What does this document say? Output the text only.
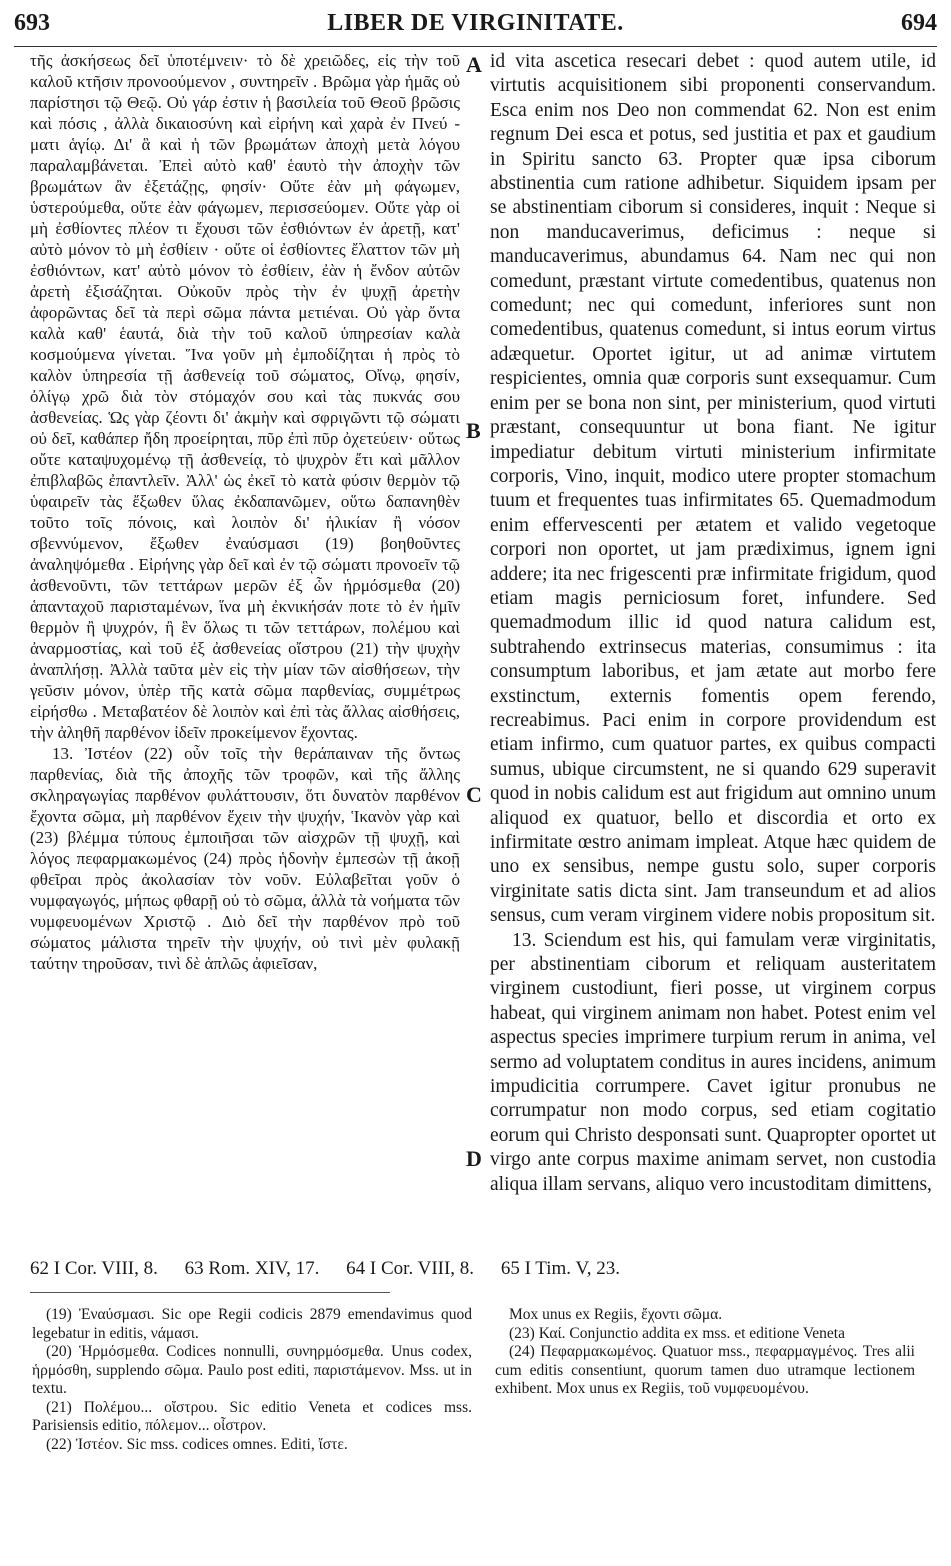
693	LIBER DE VIRGINITATE.	694

τῆς ἀσκήσεως δεῖ ὑποτέμνειν· τὸ δὲ χρειῶδες, εἰς τὴν τοῦ καλοῦ κτῆσιν προνοούμενον , συντηρεῖν . Βρῶμα γὰρ ἡμᾶς οὐ παρίστησι τῷ Θεῷ. Οὐ γάρ ἐστιν ἡ βασιλεία τοῦ Θεοῦ βρῶσις καὶ πόσις , ἀλλὰ δικαιοσύνη καὶ εἰρήνη καὶ χαρὰ ἐν Πνεύ - ματι ἁγίῳ. Δι' ἃ καὶ ἡ τῶν βρωμάτων ἀποχὴ μετὰ λόγου παραλαμβάνεται. Ἐπεὶ αὐτὸ καθ' ἑαυτὸ τὴν ἀποχὴν τῶν βρωμάτων ἂν ἐξετάζῃς, φησίν· Οὔτε ἐὰν μὴ φάγωμεν, ὑστερούμεθα, οὔτε ἐὰν φάγωμεν, περισσεύομεν. Οὔτε γὰρ οἱ μὴ ἐσθίοντες πλέον τι ἔχουσι τῶν ἐσθιόντων ἐν ἀρετῇ, κατ' αὐτὸ μόνον τὸ μὴ ἐσθίειν · οὔτε οἱ ἐσθίοντες ἔλαττον τῶν μὴ ἐσθιόντων, κατ' αὐτὸ μόνον τὸ ἐσθίειν, ἐὰν ἡ ἔνδον αὐτῶν ἀρετὴ ἐξισάζηται. Οὐκοῦν πρὸς τὴν ἐν ψυχῇ ἀρετὴν ἀφορῶντας δεῖ τὰ περὶ σῶμα πάντα μετιέναι. Οὐ γὰρ ὄντα καλὰ καθ' ἑαυτά, διὰ τὴν τοῦ καλοῦ ὑπηρεσίαν καλὰ κοσμούμενα γίνεται. Ἵνα γοῦν μὴ ἐμποδίζηται ἡ πρὸς τὸ καλὸν ὑπηρεσία τῇ ἀσθενείᾳ τοῦ σώματος, Οἴνῳ, φησίν, ὀλίγῳ χρῶ διὰ τὸν στόμαχόν σου καὶ τὰς πυκνάς σου ἀσθενείας. Ὡς γὰρ ζέοντι δι' ἀκμὴν καὶ σφριγῶντι τῷ σώματι οὐ δεῖ, καθάπερ ἤδη προείρηται, πῦρ ἐπὶ πῦρ ὀχετεύειν· οὕτως οὔτε καταψυχομένῳ τῇ ἀσθενείᾳ, τὸ ψυχρὸν ἔτι καὶ μᾶλλον ἐπιβλαβῶς ἐπαντλεῖν. Ἀλλ' ὡς ἐκεῖ τὸ κατὰ φύσιν θερμὸν τῷ ὑφαιρεῖν τὰς ἔξωθεν ὕλας ἐκδαπανῶμεν, οὕτω δαπανηθὲν τοῦτο τοῖς πόνοις, καὶ λοιπὸν δι' ἡλικίαν ἢ νόσον σβεννύμενον, ἔξωθεν ἐναύσμασι (19) βοηθοῦντες ἀναληψόμεθα . Εἰρήνης γὰρ δεῖ καὶ ἐν τῷ σώματι προνοεῖν τῷ ἀσθενοῦντι, τῶν τεττάρων μερῶν ἐξ ὧν ἡρμόσμεθα (20) ἁπανταχοῦ παρισταμένων, ἵνα μὴ ἐκνικήσάν ποτε τὸ ἐν ἡμῖν θερμὸν ἢ ψυχρόν, ἢ ἓν ὅλως τι τῶν τεττάρων, πολέμου καὶ ἀναρμοστίας, καὶ τοῦ ἐξ ἀσθενείας οἴστρου (21) τὴν ψυχὴν ἀναπλήσῃ. Ἀλλὰ ταῦτα μὲν εἰς τὴν μίαν τῶν αἰσθήσεων, τὴν γεῦσιν μόνον, ὑπὲρ τῆς κατὰ σῶμα παρθενίας, συμμέτρως εἰρήσθω . Μεταβατέον δὲ λοιπὸν καὶ ἐπὶ τὰς ἄλλας αἰσθήσεις, τὴν ἀληθῆ παρθένον ἰδεῖν προκείμενον ἔχοντας.

13. Ἰστέον (22) οὖν τοῖς τὴν θεράπαιναν τῆς ὄντως παρθενίας, διὰ τῆς ἀποχῆς τῶν τροφῶν, καὶ τῆς ἄλλης σκληραγωγίας παρθένον φυλάττουσιν, ὅτι δυνατὸν παρθένον ἔχοντα σῶμα, μὴ παρθένον ἔχειν τὴν ψυχήν, Ἱκανὸν γὰρ καὶ (23) βλέμμα τύπους ἐμποιῆσαι τῶν αἰσχρῶν τῇ ψυχῇ, καὶ λόγος πεφαρμακωμένος (24) πρὸς ἡδονὴν ἐμπεσὼν τῇ ἀκοῇ φθεῖραι πρὸς ἀκολασίαν τὸν νοῦν. Εὐλαβεῖται γοῦν ὁ νυμφαγωγός, μήπως φθαρῇ οὐ τὸ σῶμα, ἀλλὰ τὰ νοήματα τῶν νυμφευομένων Χριστῷ . Διὸ δεῖ τὴν παρθένον πρὸ τοῦ σώματος μάλιστα τηρεῖν τὴν ψυχήν, οὐ τινὶ μὲν φυλακῇ ταύτην τηροῦσαν, τινὶ δὲ ἁπλῶς ἀφιεῖσαν,

A
B
C
D

id vita ascetica resecari debet : quod autem utile, id virtutis acquisitionem sibi proponenti conservandum. Esca enim nos Deo non commendat 62. Non est enim regnum Dei esca et potus, sed justitia et pax et gaudium in Spiritu sancto 63. Propter quæ ipsa ciborum abstinentia cum ratione adhibetur. Siquidem ipsam per se abstinentiam ciborum si consideres, inquit : Neque si non manducaverimus, deficimus : neque si manducaverimus, abundamus 64. Nam nec qui non comedunt, præstant virtute comedentibus, quatenus non comedunt; nec qui comedunt, inferiores sunt non comedentibus, quatenus comedunt, si intus eorum virtus adæquetur. Oportet igitur, ut ad animæ virtutem respicientes, omnia quæ corporis sunt exsequamur. Cum enim per se bona non sint, per ministerium, quod virtuti præstant, consequuntur ut bona fiant. Ne igitur impediatur debitum virtuti ministerium infirmitate corporis, Vino, inquit, modico utere propter stomachum tuum et frequentes tuas infirmitates 65. Quemadmodum enim effervescenti per ætatem et valido vegetoque corpori non oportet, ut jam prædiximus, ignem igni addere; ita nec frigescenti præ infirmitate frigidum, quod etiam magis perniciosum foret, infundere. Sed quemadmodum illic id quod natura calidum est, subtrahendo extrinsecus materias, consumimus : ita consumptum laboribus, et jam ætate aut morbo fere exstinctum, externis fomentis opem ferendo, recreabimus. Paci enim in corpore providendum est etiam infirmo, cum quatuor partes, ex quibus compacti sumus, ubique circumstent, ne si quando 629 superavit quod in nobis calidum est aut frigidum aut omnino unum aliquod ex quatuor, bello et discordia et orto ex infirmitate œstro animam impleat. Atque hæc quidem de uno ex sensibus, nempe gustu solo, super corporis virginitate satis dicta sint. Jam transeundum et ad alios sensus, cum veram virginem videre nobis propositum sit.

13. Sciendum est his, qui famulam veræ virginitatis, per abstinentiam ciborum et reliquam austeritatem virginem custodiunt, fieri posse, ut virginem corpus habeat, qui virginem animam non habet. Potest enim vel aspectus species imprimere turpium rerum in anima, vel sermo ad voluptatem conditus in aures incidens, animum impudicitia corrumpere. Cavet igitur pronubus ne corrumpatur non modo corpus, sed etiam cogitatio eorum qui Christo desponsati sunt. Quapropter oportet ut virgo ante corpus maxime animam servet, non custodia aliqua illam servans, aliquo vero incustoditam dimittens,

62 I Cor. VIII, 8. 63 Rom. XIV, 17. 64 I Cor. VIII, 8. 65 I Tim. V, 23.

(19) Ἐναύσμασι. Sic ope Regii codicis 2879 emendavimus quod legebatur in editis, νάμασι.

(20) Ἡρμόσμεθα. Codices nonnulli, συνηρμόσμεθα. Unus codex, ἡρμόσθη, supplendo σῶμα. Paulo post editi, παριστάμενον. Mss. ut in textu.

(21) Πολέμου... οἴστρου. Sic editio Veneta et codices mss. Parisiensis editio, πόλεμον... οἶστρον.

(22) Ἰστέον. Sic mss. codices omnes. Editi, ἴστε.

Mox unus ex Regiis, ἔχοντι σῶμα.

(23) Καί. Conjunctio addita ex mss. et editione Veneta

(24) Πεφαρμακωμένος. Quatuor mss., πεφαρμαγμένος. Tres alii cum editis consentiunt, quorum tamen duo utramque lectionem exhibent. Mox unus ex Regiis, τοῦ νυμφευομένου.
